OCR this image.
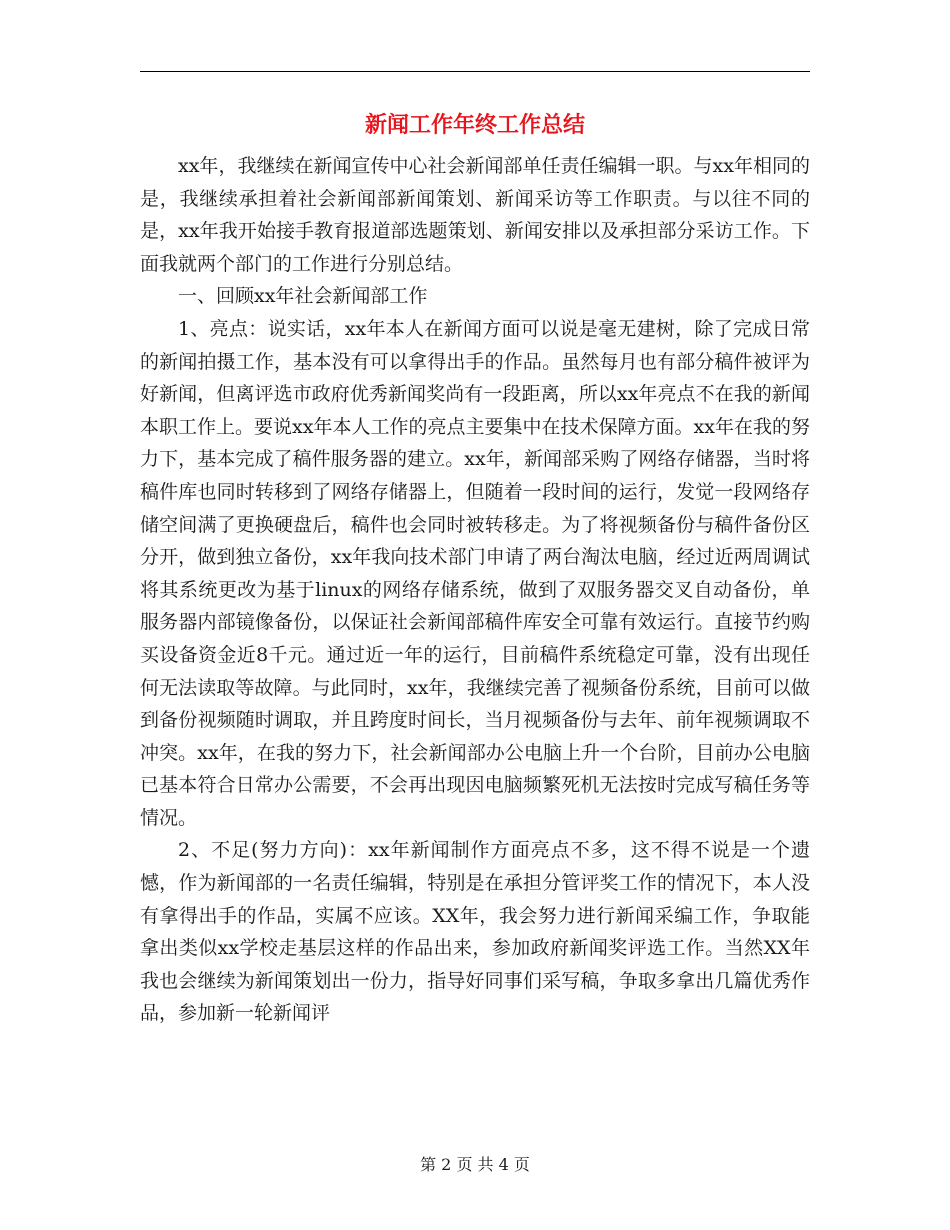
新闻工作年终工作总结

xx年，我继续在新闻宣传中心社会新闻部单任责任编辑一职。与xx年相同的是，我继续承担着社会新闻部新闻策划、新闻采访等工作职责。与以往不同的是，xx年我开始接手教育报道部选题策划、新闻安排以及承担部分采访工作。下面我就两个部门的工作进行分别总结。

一、回顾xx年社会新闻部工作

1、亮点：说实话，xx年本人在新闻方面可以说是毫无建树，除了完成日常的新闻拍摄工作，基本没有可以拿得出手的作品。虽然每月也有部分稿件被评为好新闻，但离评选市政府优秀新闻奖尚有一段距离，所以xx年亮点不在我的新闻本职工作上。要说xx年本人工作的亮点主要集中在技术保障方面。xx年在我的努力下，基本完成了稿件服务器的建立。xx年，新闻部采购了网络存储器，当时将稿件库也同时转移到了网络存储器上，但随着一段时间的运行，发觉一段网络存储空间满了更换硬盘后，稿件也会同时被转移走。为了将视频备份与稿件备份区分开，做到独立备份，xx年我向技术部门申请了两台淘汰电脑，经过近两周调试将其系统更改为基于linux的网络存储系统，做到了双服务器交叉自动备份，单服务器内部镜像备份，以保证社会新闻部稿件库安全可靠有效运行。直接节约购买设备资金近8千元。通过近一年的运行，目前稿件系统稳定可靠，没有出现任何无法读取等故障。与此同时，xx年，我继续完善了视频备份系统，目前可以做到备份视频随时调取，并且跨度时间长，当月视频备份与去年、前年视频调取不冲突。xx年，在我的努力下，社会新闻部办公电脑上升一个台阶，目前办公电脑已基本符合日常办公需要，不会再出现因电脑频繁死机无法按时完成写稿任务等情况。

2、不足(努力方向)：xx年新闻制作方面亮点不多，这不得不说是一个遗憾，作为新闻部的一名责任编辑，特别是在承担分管评奖工作的情况下，本人没有拿得出手的作品，实属不应该。XX年，我会努力进行新闻采编工作，争取能拿出类似xx学校走基层这样的作品出来，参加政府新闻奖评选工作。当然XX年我也会继续为新闻策划出一份力，指导好同事们采写稿，争取多拿出几篇优秀作品，参加新一轮新闻评

第 2 页 共 4 页
